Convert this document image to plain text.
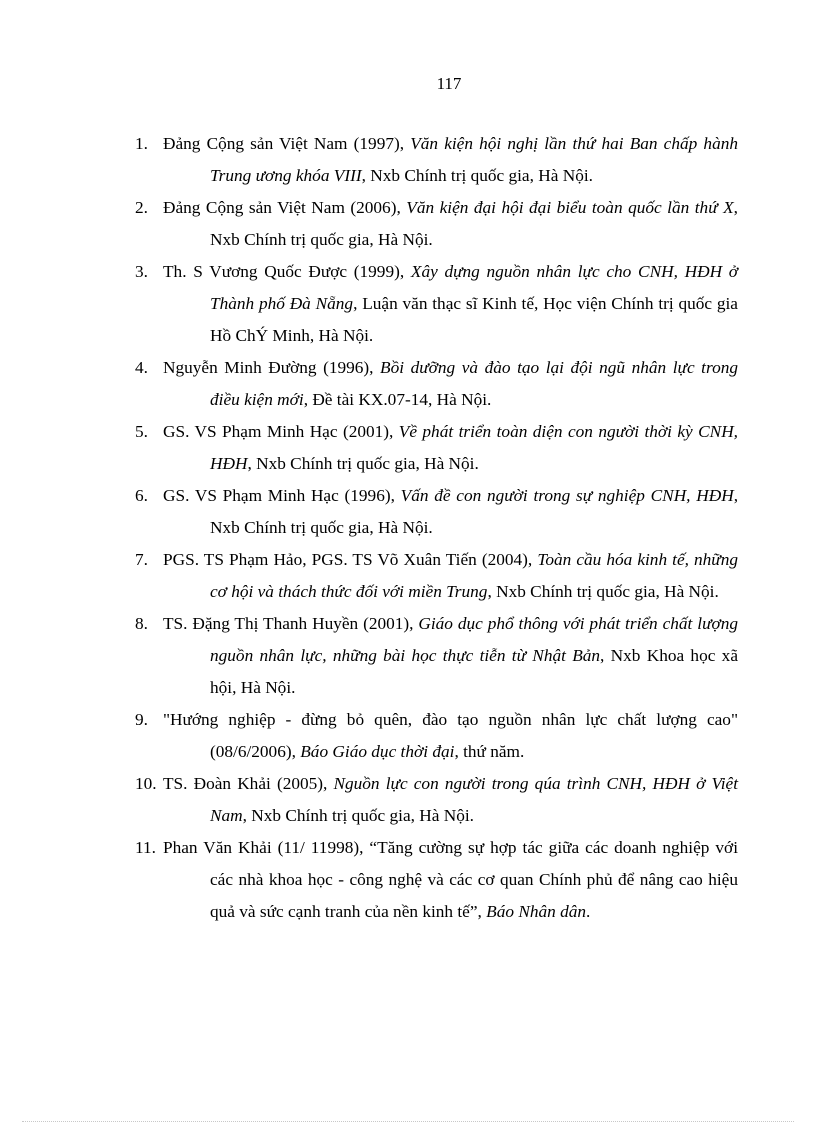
117
1. Đảng Cộng sản Việt Nam (1997), Văn kiện hội nghị lần thứ hai Ban chấp hành Trung ương khóa VIII, Nxb Chính trị quốc gia, Hà Nội.
2. Đảng Cộng sản Việt Nam (2006), Văn kiện đại hội đại biểu toàn quốc lần thứ X, Nxb Chính trị quốc gia, Hà Nội.
3. Th. S Vương Quốc Được (1999), Xây dựng nguồn nhân lực cho CNH, HĐH ở Thành phố Đà Nẵng, Luận văn thạc sĩ Kinh tế, Học viện Chính trị quốc gia Hồ ChÝ Minh, Hà Nội.
4. Nguyễn Minh Đường (1996), Bồi dưỡng và đào tạo lại đội ngũ nhân lực trong điều kiện mới, Đề tài KX.07-14, Hà Nội.
5. GS. VS Phạm Minh Hạc (2001), Về phát triển toàn diện con người thời kỳ CNH, HĐH, Nxb Chính trị quốc gia, Hà Nội.
6. GS. VS Phạm Minh Hạc (1996), Vấn đề con người trong sự nghiệp CNH, HĐH, Nxb Chính trị quốc gia, Hà Nội.
7. PGS. TS Phạm Hảo, PGS. TS Võ Xuân Tiến (2004), Toàn cầu hóa kinh tế, những cơ hội và thách thức đối với miền Trung, Nxb Chính trị quốc gia, Hà Nội.
8. TS. Đặng Thị Thanh Huyền (2001), Giáo dục phổ thông với phát triển chất lượng nguồn nhân lực, những bài học thực tiễn từ Nhật Bản, Nxb Khoa học xã hội, Hà Nội.
9. "Hướng nghiệp - đừng bỏ quên, đào tạo nguồn nhân lực chất lượng cao" (08/6/2006), Báo Giáo dục thời đại, thứ năm.
10. TS. Đoàn Khải (2005), Nguồn lực con người trong qúa trình CNH, HĐH ở Việt Nam, Nxb Chính trị quốc gia, Hà Nội.
11. Phan Văn Khải (11/ 11998), “Tăng cường sự hợp tác giữa các doanh nghiệp với các nhà khoa học - công nghệ và các cơ quan Chính phủ để nâng cao hiệu quả và sức cạnh tranh của nền kinh tế”, Báo Nhân dân.
